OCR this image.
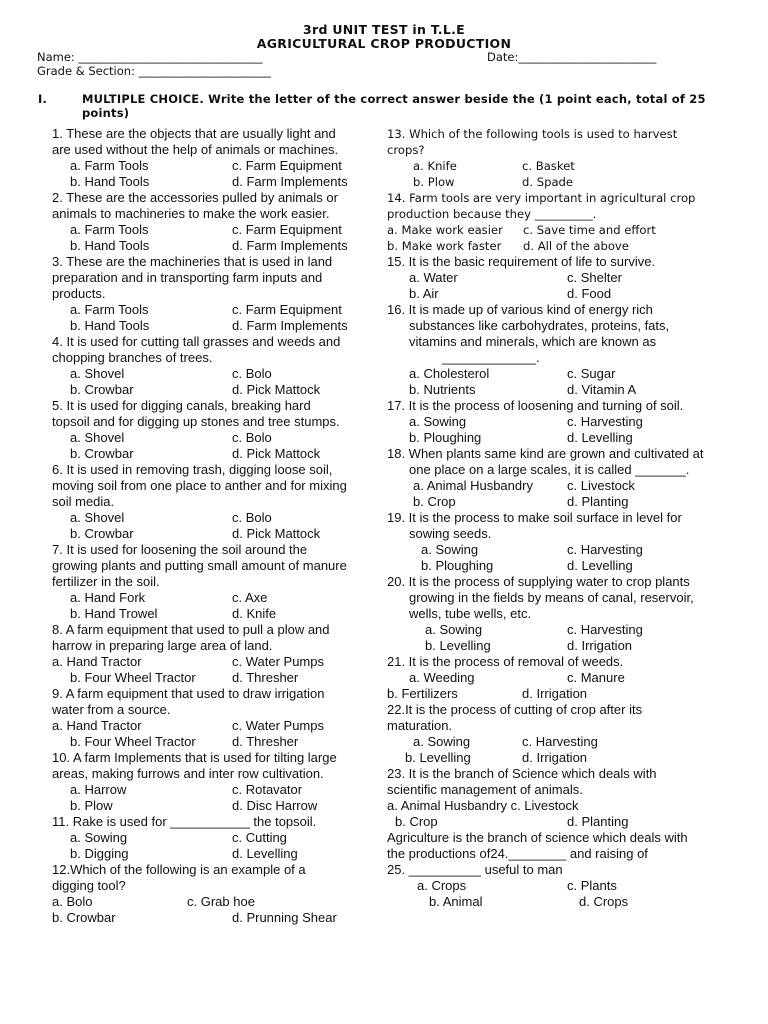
3rd UNIT TEST in T.L.E
AGRICULTURAL CROP PRODUCTION
Name: ________________________________	Date:________________________
Grade & Section: _______________________
I.	MULTIPLE CHOICE. Write the letter of the correct answer beside the (1 point each, total of 25
points)
1. These are the objects that are usually light and
are used without the help of animals or machines.
a. Farm Tools	c. Farm Equipment
b. Hand Tools	d. Farm Implements
2. These are the accessories pulled by animals or
animals to machineries to make the work easier.
a. Farm Tools	c. Farm Equipment
b. Hand Tools	d. Farm Implements
3. These are the machineries that is used in land
preparation and in transporting farm inputs and
products.
a. Farm Tools	c. Farm Equipment
b. Hand Tools	d. Farm Implements
4. It is used for cutting tall grasses and weeds and
chopping branches of trees.
a. Shovel	c. Bolo
b. Crowbar	d. Pick Mattock
5. It is used for digging canals, breaking hard
topsoil and for digging up stones and tree stumps.
a. Shovel	c. Bolo
b. Crowbar	d. Pick Mattock
6. It is used in removing trash, digging loose soil,
moving soil from one place to anther and for mixing
soil media.
a. Shovel	c. Bolo
b. Crowbar	d. Pick Mattock
7. It is used for loosening the soil around the
growing plants and putting small amount of manure
fertilizer in the soil.
a. Hand Fork	c. Axe
b. Hand Trowel	d. Knife
8. A farm equipment that used to pull a plow and
harrow in preparing large area of land.
a. Hand Tractor	c. Water Pumps
b. Four Wheel Tractor	d. Thresher
9. A farm equipment that used to draw irrigation
water from a source.
a. Hand Tractor	c. Water Pumps
b. Four Wheel Tractor	d. Thresher
10. A farm Implements that is used for tilting large
areas, making furrows and inter row cultivation.
a. Harrow	c. Rotavator
b. Plow	d. Disc Harrow
11. Rake is used for ___________ the topsoil.
a. Sowing	c. Cutting
b. Digging	d. Levelling
12.Which of the following is an example of a
digging tool?
a. Bolo	c. Grab hoe
b. Crowbar	d. Prunning Shear
13. Which of the following tools is used to harvest
crops?
a. Knife	c. Basket
b. Plow	d. Spade
14. Farm tools are very important in agricultural crop
production because they __________.
a. Make work easier c. Save time and effort
b. Make work faster d. All of the above
15. It is the basic requirement of life to survive.
a. Water	c. Shelter
b. Air	d. Food
16. It is made up of various kind of energy rich
substances like carbohydrates, proteins, fats,
vitamins and minerals, which are known as
_____________.
a. Cholesterol	c. Sugar
b. Nutrients	d. Vitamin A
17. It is the process of loosening and turning of soil.
a. Sowing	c. Harvesting
b. Ploughing	d. Levelling
18. When plants same kind are grown and cultivated at
one place on a large scales, it is called _______.
a. Animal Husbandry	c. Livestock
b. Crop	d. Planting
19. It is the process to make soil surface in level for
sowing seeds.
a. Sowing	c. Harvesting
b. Ploughing	d. Levelling
20. It is the process of supplying water to crop plants
growing in the fields by means of canal, reservoir,
wells, tube wells, etc.
a. Sowing	c. Harvesting
b. Levelling	d. Irrigation
21. It is the process of removal of weeds.
a. Weeding	c. Manure
b. Fertilizers	d. Irrigation
22.It is the process of cutting of crop after its
maturation.
a. Sowing	c. Harvesting
b. Levelling	d. Irrigation
23. It is the branch of Science which deals with
scientific management of animals.
a. Animal Husbandry c. Livestock
b. Crop	d. Planting
Agriculture is the branch of science which deals with
the productions of24.________ and raising of
25. __________ useful to man
a. Crops	c. Plants
b. Animal	d. Crops
